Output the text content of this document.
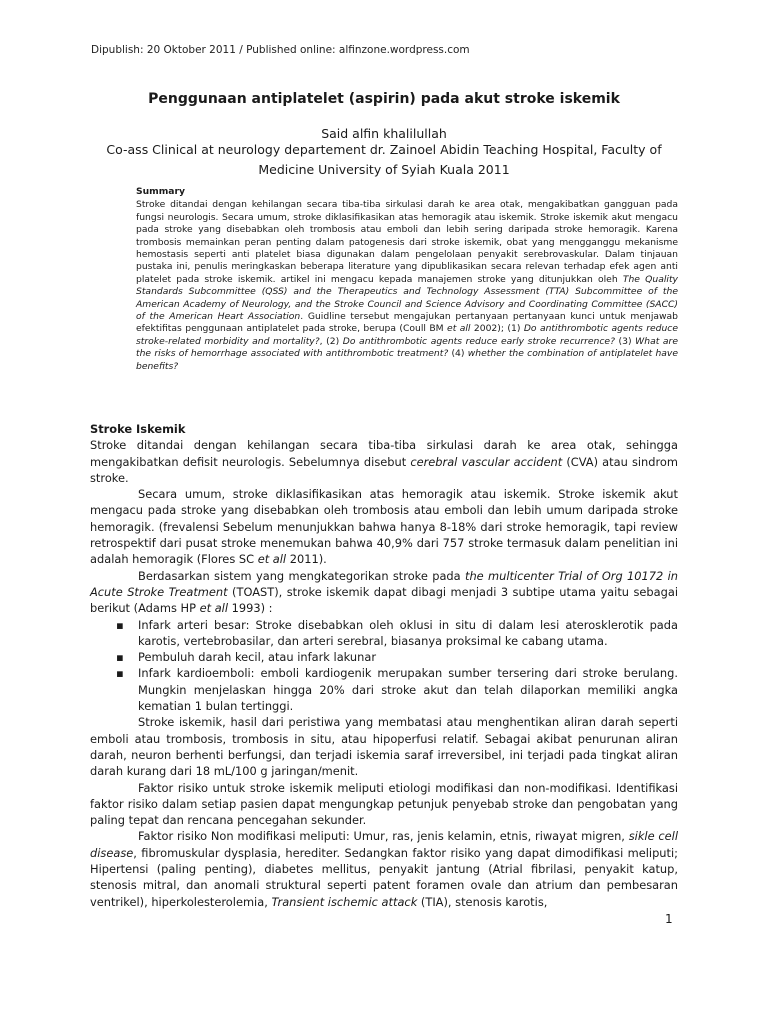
Dipublish: 20 Oktober 2011 / Published online: alfinzone.wordpress.com
Penggunaan antiplatelet (aspirin) pada akut stroke iskemik
Said alfin khalilullah
Co-ass Clinical at neurology departement dr. Zainoel Abidin Teaching Hospital, Faculty of Medicine University of Syiah Kuala 2011
Summary

Stroke ditandai dengan kehilangan secara tiba-tiba sirkulasi darah ke area otak, mengakibatkan gangguan pada fungsi neurologis. Secara umum, stroke diklasifikasikan atas hemoragik atau iskemik. Stroke iskemik akut mengacu pada stroke yang disebabkan oleh trombosis atau emboli dan lebih sering daripada stroke hemoragik. Karena trombosis memainkan peran penting dalam patogenesis dari stroke iskemik, obat yang mengganggu mekanisme hemostasis seperti anti platelet biasa digunakan dalam pengelolaan penyakit serebrovaskular. Dalam tinjauan pustaka ini, penulis meringkaskan beberapa literature yang dipublikasikan secara relevan terhadap efek agen anti platelet pada stroke iskemik. artikel ini mengacu kepada manajemen stroke yang ditunjukkan oleh The Quality Standards Subcommittee (QSS) and the Therapeutics and Technology Assessment (TTA) Subcommittee of the American Academy of Neurology, and the Stroke Council and Science Advisory and Coordinating Committee (SACC) of the American Heart Association. Guidline tersebut mengajukan pertanyaan pertanyaan kunci untuk menjawab efektifitas penggunaan antiplatelet pada stroke, berupa (Coull BM et all 2002); (1) Do antithrombotic agents reduce stroke-related morbidity and mortality?, (2) Do antithrombotic agents reduce early stroke recurrence? (3) What are the risks of hemorrhage associated with antithrombotic treatment? (4) whether the combination of antiplatelet have benefits?

Stroke Iskemik

Stroke ditandai dengan kehilangan secara tiba-tiba sirkulasi darah ke area otak, sehingga mengakibatkan defisit neurologis. Sebelumnya disebut cerebral vascular accident (CVA) atau sindrom stroke.

Secara umum, stroke diklasifikasikan atas hemoragik atau iskemik. Stroke iskemik akut mengacu pada stroke yang disebabkan oleh trombosis atau emboli dan lebih umum daripada stroke hemoragik. (frevalensi Sebelum menunjukkan bahwa hanya 8-18% dari stroke hemoragik, tapi review retrospektif dari pusat stroke menemukan bahwa 40,9% dari 757 stroke termasuk dalam penelitian ini adalah hemoragik (Flores SC et all 2011).

Berdasarkan sistem yang mengkategorikan stroke pada the multicenter Trial of Org 10172 in Acute Stroke Treatment (TOAST), stroke iskemik dapat dibagi menjadi 3 subtipe utama yaitu sebagai berikut (Adams HP et all 1993) :

▪ Infark arteri besar: Stroke disebabkan oleh oklusi in situ di dalam lesi aterosklerotik pada karotis, vertebrobasilar, dan arteri serebral, biasanya proksimal ke cabang utama.
▪ Pembuluh darah kecil, atau infark lakunar
▪ Infark kardioemboli: emboli kardiogenik merupakan sumber tersering dari stroke berulang. Mungkin menjelaskan hingga 20% dari stroke akut dan telah dilaporkan memiliki angka kematian 1 bulan tertinggi.

Stroke iskemik, hasil dari peristiwa yang membatasi atau menghentikan aliran darah seperti emboli atau trombosis, trombosis in situ, atau hipoperfusi relatif. Sebagai akibat penurunan aliran darah, neuron berhenti berfungsi, dan terjadi iskemia saraf irreversibel, ini terjadi pada tingkat aliran darah kurang dari 18 mL/100 g jaringan/menit.

Faktor risiko untuk stroke iskemik meliputi etiologi modifikasi dan non-modifikasi. Identifikasi faktor risiko dalam setiap pasien dapat mengungkap petunjuk penyebab stroke dan pengobatan yang paling tepat dan rencana pencegahan sekunder.

Faktor risiko Non modifikasi meliputi: Umur, ras, jenis kelamin, etnis, riwayat migren, sikle cell disease, fibromuskular dysplasia, herediter. Sedangkan faktor risiko yang dapat dimodifikasi meliputi; Hipertensi (paling penting), diabetes mellitus, penyakit jantung (Atrial fibrilasi, penyakit katup, stenosis mitral, dan anomali struktural seperti patent foramen ovale dan atrium dan pembesaran ventrikel), hiperkolesterolemia, Transient ischemic attack (TIA), stenosis karotis,

1
